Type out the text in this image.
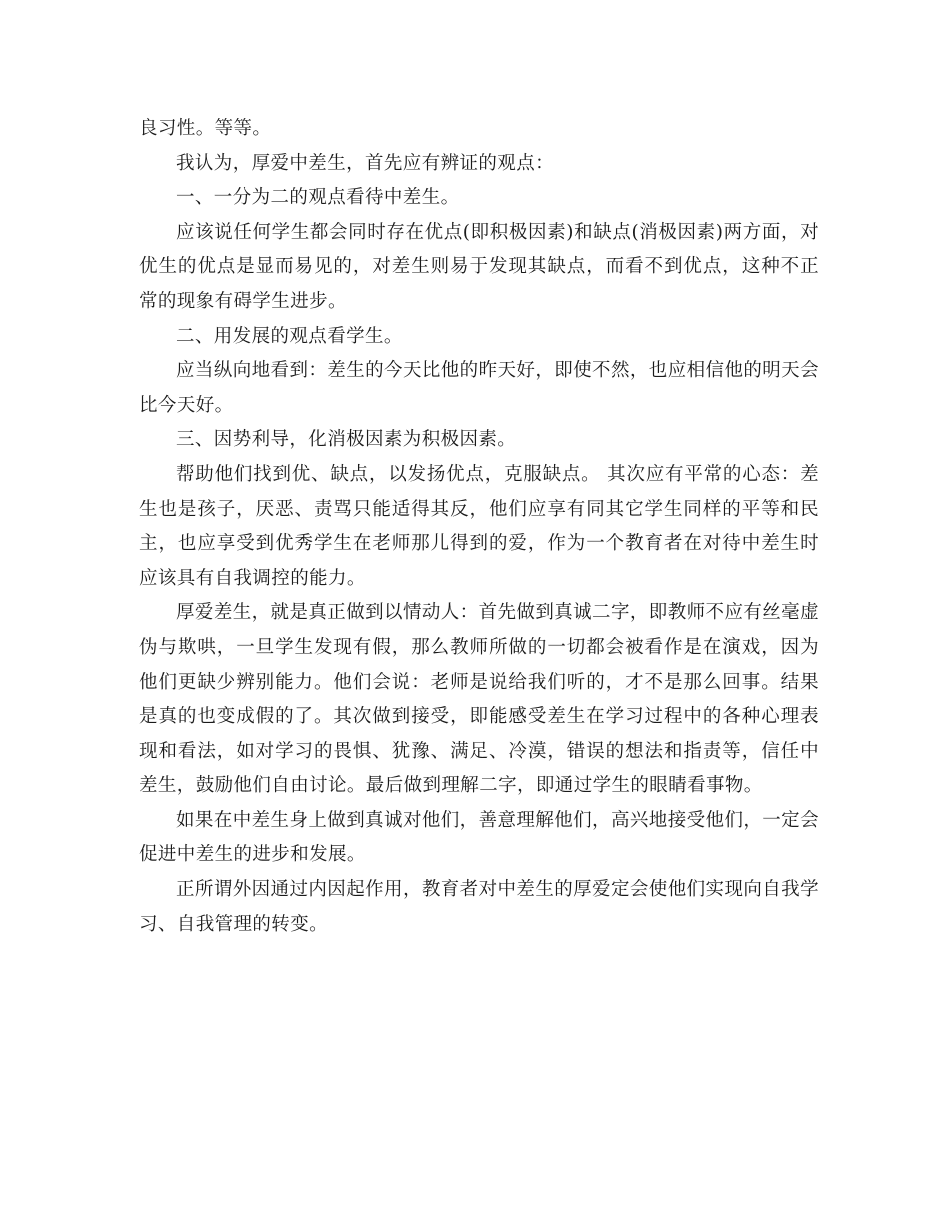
良习性。等等。

我认为，厚爱中差生，首先应有辨证的观点：

一、一分为二的观点看待中差生。

应该说任何学生都会同时存在优点(即积极因素)和缺点(消极因素)两方面，对优生的优点是显而易见的，对差生则易于发现其缺点，而看不到优点，这种不正常的现象有碍学生进步。

二、用发展的观点看学生。

应当纵向地看到：差生的今天比他的昨天好，即使不然，也应相信他的明天会比今天好。

三、因势利导，化消极因素为积极因素。

帮助他们找到优、缺点，以发扬优点，克服缺点。 其次应有平常的心态：差生也是孩子，厌恶、责骂只能适得其反，他们应享有同其它学生同样的平等和民主，也应享受到优秀学生在老师那儿得到的爱，作为一个教育者在对待中差生时应该具有自我调控的能力。

厚爱差生，就是真正做到以情动人：首先做到真诚二字，即教师不应有丝毫虚伪与欺哄，一旦学生发现有假，那么教师所做的一切都会被看作是在演戏，因为他们更缺少辨别能力。他们会说：老师是说给我们听的，才不是那么回事。结果是真的也变成假的了。其次做到接受，即能感受差生在学习过程中的各种心理表现和看法，如对学习的畏惧、犹豫、满足、冷漠，错误的想法和指责等，信任中差生，鼓励他们自由讨论。最后做到理解二字，即通过学生的眼睛看事物。

如果在中差生身上做到真诚对他们，善意理解他们，高兴地接受他们，一定会促进中差生的进步和发展。

正所谓外因通过内因起作用，教育者对中差生的厚爱定会使他们实现向自我学习、自我管理的转变。
